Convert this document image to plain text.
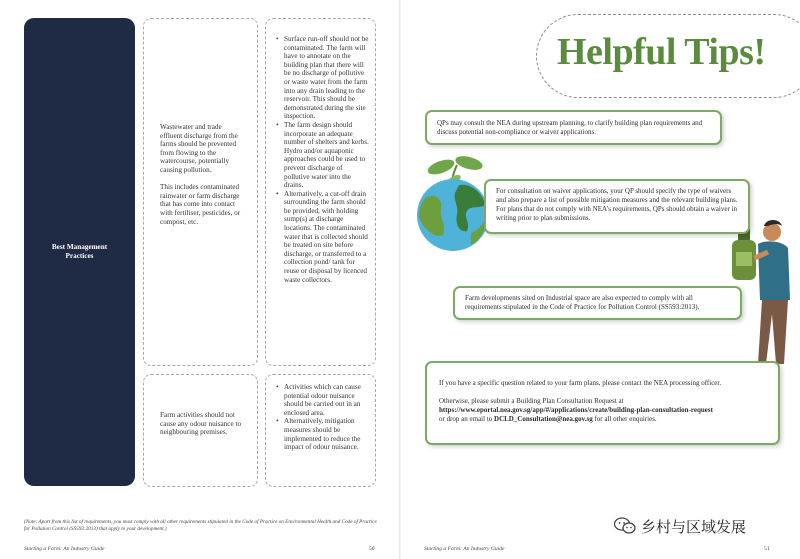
Best Management Practices
Wastewater and trade effluent discharge from the farms should be prevented from flowing to the watercourse, potentially causing pollution.

This includes contaminated rainwater or farm discharge that has come into contact with fertiliser, pesticides, or compost, etc.
• Surface run-off should not be contaminated. The farm will have to annotate on the building plan that there will be no discharge of pollutive or waste water from the farm into any drain leading to the reservoir. This should be demonstrated during the site inspection.
• The farm design should incorporate an adequate number of shelters and kerbs. Hydro and/or aquaponic approaches could be used to prevent discharge of pollutive water into the drains.
• Alternatively, a cut-off drain surrounding the farm should be provided, with holding sump(s) at discharge locations. The contaminated water that is collected should be treated on site before discharge, or transferred to a collection pond/ tank for reuse or disposal by licenced waste collectors.
Farm activities should not cause any odour nuisance to neighbouring premises.
• Activities which can cause potential odour nuisance should be carried out in an enclosed area.
• Alternatively, mitigation measures should be implemented to reduce the impact of odour nuisance.
(Note: Apart from this list of requirements, you must comply with all other requirements stipulated in the Code of Practice on Environmental Health and Code of Practice for Pollution Control (SS593:2013) that apply to your development.)
Starting a Farm: An Industry Guide	50
Helpful Tips!
QPs may consult the NEA during upstream planning, to clarify building plan requirements and discuss potential non-compliance or waiver applications.
For consultation on waiver applications, your QP should specify the type of waivers and also prepare a list of possible mitigation measures and the relevant building plans. For plans that do not comply with NEA's requirements, QPs should obtain a waiver in writing prior to plan submissions.
Farm developments sited on Industrial space are also expected to comply with all requirements stipulated in the Code of Practice for Pollution Control (SS593:2013).

If you have a specific question related to your farm plans, please contact the NEA processing officer.

Otherwise, please submit a Building Plan Consultation Request at
https://www.eportal.nea.gov.sg/app/#/applications/create/building-plan-consultation-request
or drop an email to DCLD_Consultation@nea.gov.sg for all other enquiries.

乡村与区域发展
Starting a Farm: An Industry Guide	51
